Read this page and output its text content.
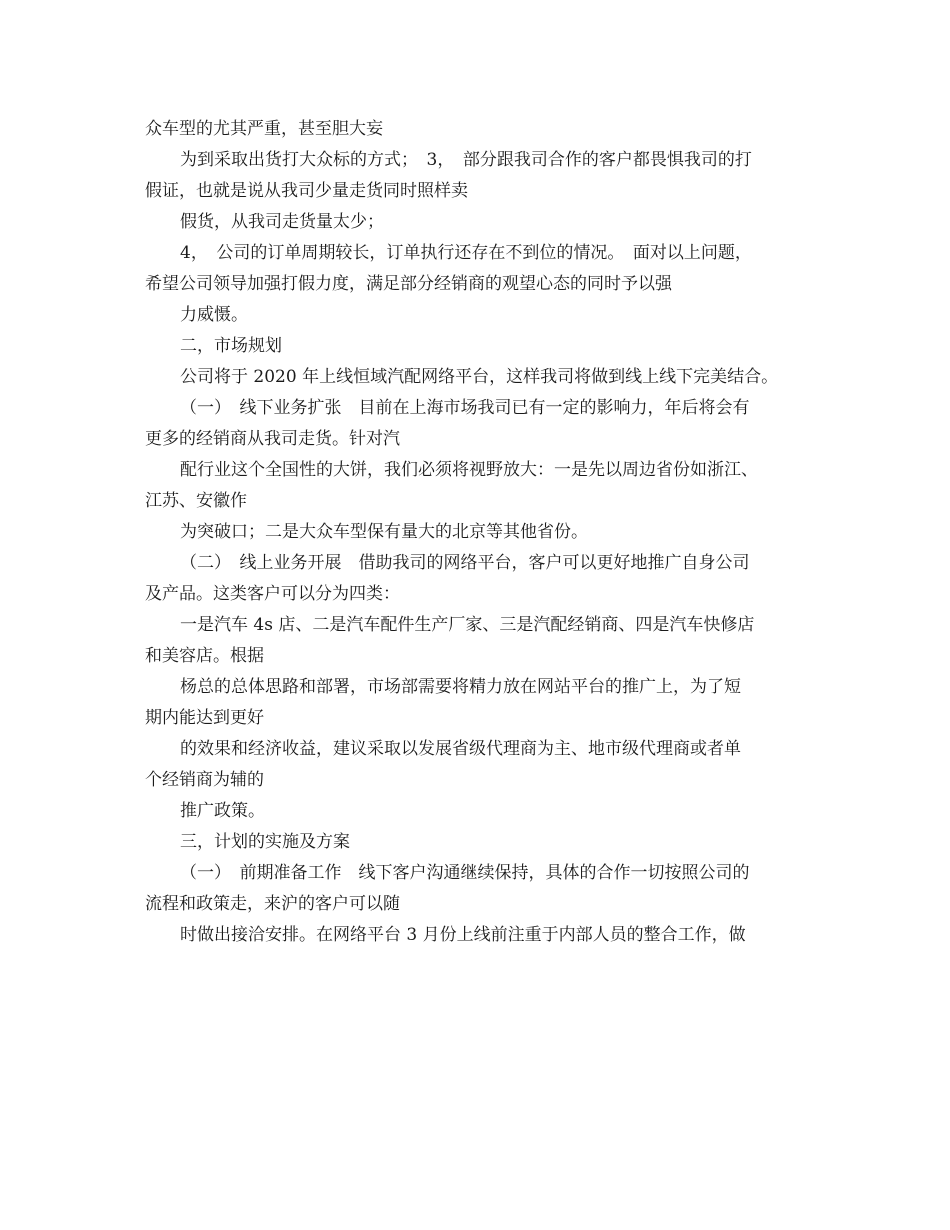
众车型的尤其严重，甚至胆大妄
为到采取出货打大众标的方式；　3，　部分跟我司合作的客户都畏惧我司的打
假证，也就是说从我司少量走货同时照样卖
假货，从我司走货量太少；
4，　公司的订单周期较长，订单执行还存在不到位的情况。　面对以上问题，
希望公司领导加强打假力度，满足部分经销商的观望心态的同时予以强
力威慑。
二，市场规划
公司将于 2020 年上线恒域汽配网络平台，这样我司将做到线上线下完美结合。
（一）　线下业务扩张　目前在上海市场我司已有一定的影响力，年后将会有
更多的经销商从我司走货。针对汽
配行业这个全国性的大饼，我们必须将视野放大：一是先以周边省份如浙江、
江苏、安徽作
为突破口；二是大众车型保有量大的北京等其他省份。
（二）　线上业务开展　借助我司的网络平台，客户可以更好地推广自身公司
及产品。这类客户可以分为四类：
一是汽车 4s 店、二是汽车配件生产厂家、三是汽配经销商、四是汽车快修店
和美容店。根据
杨总的总体思路和部署，市场部需要将精力放在网站平台的推广上，为了短
期内能达到更好
的效果和经济收益，建议采取以发展省级代理商为主、地市级代理商或者单
个经销商为辅的
推广政策。
三，计划的实施及方案
（一）　前期准备工作　线下客户沟通继续保持，具体的合作一切按照公司的
流程和政策走，来沪的客户可以随
时做出接洽安排。在网络平台 3 月份上线前注重于内部人员的整合工作，做
